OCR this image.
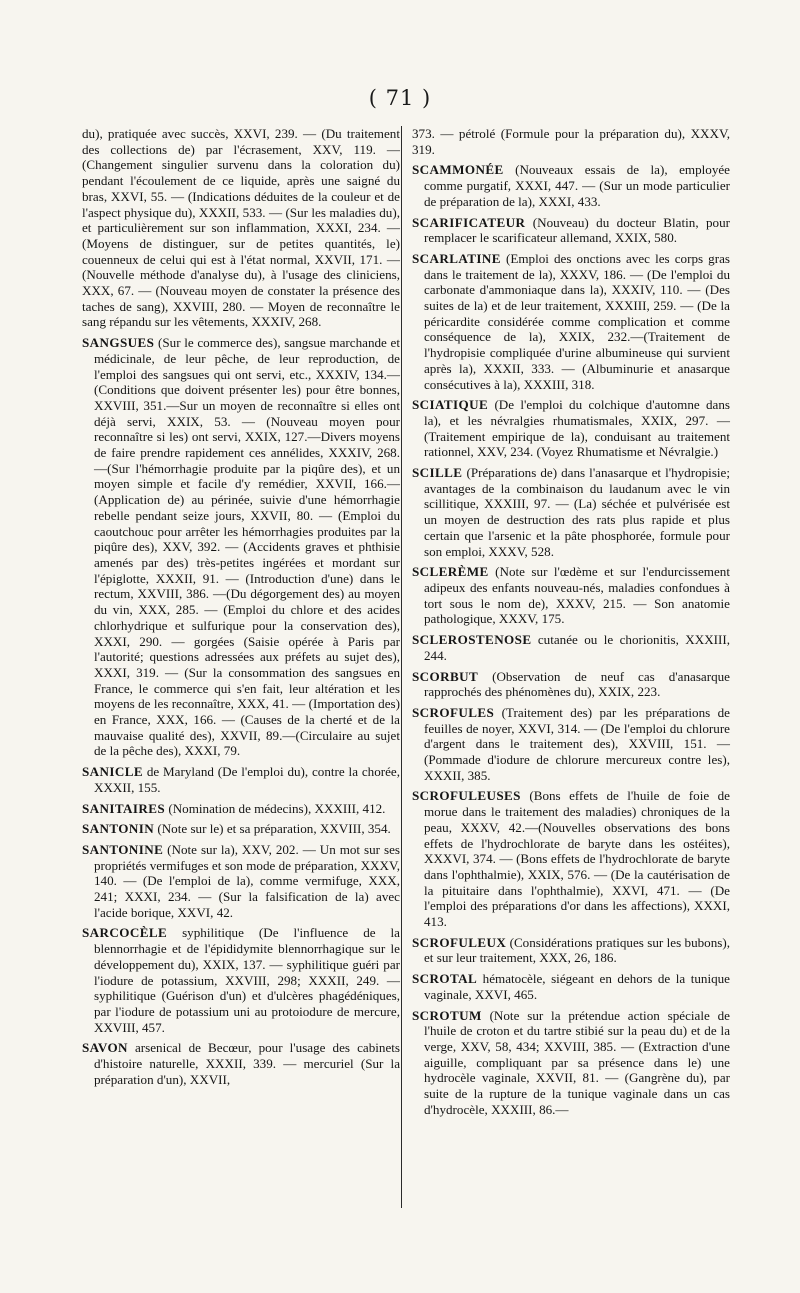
( 71 )

du), pratiquée avec succès, XXVI, 239. — (Du traitement des collections de) par l'écrasement, XXV, 119. — (Changement singulier survenu dans la coloration du) pendant l'écoulement de ce liquide, après une saigné du bras, XXVI, 55. — (Indications déduites de la couleur et de l'aspect physique du), XXXII, 533. — (Sur les maladies du), et particulièrement sur son inflammation, XXXI, 234. — (Moyens de distinguer, sur de petites quantités, le) couenneux de celui qui est à l'état normal, XXVII, 171. — (Nouvelle méthode d'analyse du), à l'usage des cliniciens, XXX, 67. — (Nouveau moyen de constater la présence des taches de sang), XXVIII, 280. — Moyen de reconnaître le sang répandu sur les vêtements, XXXIV, 268.

SANGSUES (Sur le commerce des), sangsue marchande et médicinale, de leur pêche, de leur reproduction, de l'emploi des sangsues qui ont servi, etc., XXXIV, 134.—(Conditions que doivent présenter les) pour être bonnes, XXVIII, 351.—Sur un moyen de reconnaître si elles ont déjà servi, XXIX, 53. — (Nouveau moyen pour reconnaître si les) ont servi, XXIX, 127.—Divers moyens de faire prendre rapidement ces annélides, XXXIV, 268.—(Sur l'hémorrhagie produite par la piqûre des), et un moyen simple et facile d'y remédier, XXVII, 166.—(Application de) au périnée, suivie d'une hémorrhagie rebelle pendant seize jours, XXVII, 80. — (Emploi du caoutchouc pour arrêter les hémorrhagies produites par la piqûre des), XXV, 392. — (Accidents graves et phthisie amenés par des) très-petites ingérées et mordant sur l'épiglotte, XXXII, 91. — (Introduction d'une) dans le rectum, XXVIII, 386. —(Du dégorgement des) au moyen du vin, XXX, 285. — (Emploi du chlore et des acides chlorhydrique et sulfurique pour la conservation des), XXXI, 290. — gorgées (Saisie opérée à Paris par l'autorité; questions adressées aux préfets au sujet des), XXXI, 319. — (Sur la consommation des sangsues en France, le commerce qui s'en fait, leur altération et les moyens de les reconnaître, XXX, 41. — (Importation des) en France, XXX, 166. — (Causes de la cherté et de la mauvaise qualité des), XXVII, 89.—(Circulaire au sujet de la pêche des), XXXI, 79.

SANICLE de Maryland (De l'emploi du), contre la chorée, XXXII, 155.

SANITAIRES (Nomination de médecins), XXXIII, 412.

SANTONIN (Note sur le) et sa préparation, XXVIII, 354.

SANTONINE (Note sur la), XXV, 202. — Un mot sur ses propriétés vermifuges et son mode de préparation, XXXV, 140. — (De l'emploi de la), comme vermifuge, XXX, 241; XXXI, 234. — (Sur la falsification de la) avec l'acide borique, XXVI, 42.

SARCOCÈLE syphilitique (De l'influence de la blennorrhagie et de l'épididymite blennorrhagique sur le développement du), XXIX, 137. — syphilitique guéri par l'iodure de potassium, XXVIII, 298; XXXII, 249. — syphilitique (Guérison d'un) et d'ulcères phagédéniques, par l'iodure de potassium uni au protoiodure de mercure, XXVIII, 457.

SAVON arsenical de Becœur, pour l'usage des cabinets d'histoire naturelle, XXXII, 339. — mercuriel (Sur la préparation d'un), XXVII,

373. — pétrolé (Formule pour la préparation du), XXXV, 319.

SCAMMONÉE (Nouveaux essais de la), employée comme purgatif, XXXI, 447. — (Sur un mode particulier de préparation de la), XXXI, 433.

SCARIFICATEUR (Nouveau) du docteur Blatin, pour remplacer le scarificateur allemand, XXIX, 580.

SCARLATINE (Emploi des onctions avec les corps gras dans le traitement de la), XXXV, 186. — (De l'emploi du carbonate d'ammoniaque dans la), XXXIV, 110. — (Des suites de la) et de leur traitement, XXXIII, 259. — (De la péricardite considérée comme complication et comme conséquence de la), XXIX, 232.—(Traitement de l'hydropisie compliquée d'urine albumineuse qui survient après la), XXXII, 333. — (Albuminurie et anasarque consécutives à la), XXXIII, 318.

SCIATIQUE (De l'emploi du colchique d'automne dans la), et les névralgies rhumatismales, XXIX, 297. — (Traitement empirique de la), conduisant au traitement rationnel, XXV, 234. (Voyez Rhumatisme et Névralgie.)

SCILLE (Préparations de) dans l'anasarque et l'hydropisie; avantages de la combinaison du laudanum avec le vin scillitique, XXXIII, 97. — (La) séchée et pulvérisée est un moyen de destruction des rats plus rapide et plus certain que l'arsenic et la pâte phosphorée, formule pour son emploi, XXXV, 528.

SCLERÈME (Note sur l'œdème et sur l'endurcissement adipeux des enfants nouveau-nés, maladies confondues à tort sous le nom de), XXXV, 215. — Son anatomie pathologique, XXXV, 175.

SCLEROSTENOSE cutanée ou le chorionitis, XXXIII, 244.

SCORBUT (Observation de neuf cas d'anasarque rapprochés des phénomènes du), XXIX, 223.

SCROFULES (Traitement des) par les préparations de feuilles de noyer, XXVI, 314. — (De l'emploi du chlorure d'argent dans le traitement des), XXVIII, 151. — (Pommade d'iodure de chlorure mercureux contre les), XXXII, 385.

SCROFULEUSES (Bons effets de l'huile de foie de morue dans le traitement des maladies) chroniques de la peau, XXXV, 42.—(Nouvelles observations des bons effets de l'hydrochlorate de baryte dans les ostéites), XXXVI, 374. — (Bons effets de l'hydrochlorate de baryte dans l'ophthalmie), XXIX, 576. — (De la cautérisation de la pituitaire dans l'ophthalmie), XXVI, 471. — (De l'emploi des préparations d'or dans les affections), XXXI, 413.

SCROFULEUX (Considérations pratiques sur les bubons), et sur leur traitement, XXX, 26, 186.

SCROTAL hématocèle, siégeant en dehors de la tunique vaginale, XXVI, 465.

SCROTUM (Note sur la prétendue action spéciale de l'huile de croton et du tartre stibié sur la peau du) et de la verge, XXV, 58, 434; XXVIII, 385. — (Extraction d'une aiguille, compliquant par sa présence dans le) une hydrocèle vaginale, XXVII, 81. — (Gangrène du), par suite de la rupture de la tunique vaginale dans un cas d'hydrocèle, XXXIII, 86.—
